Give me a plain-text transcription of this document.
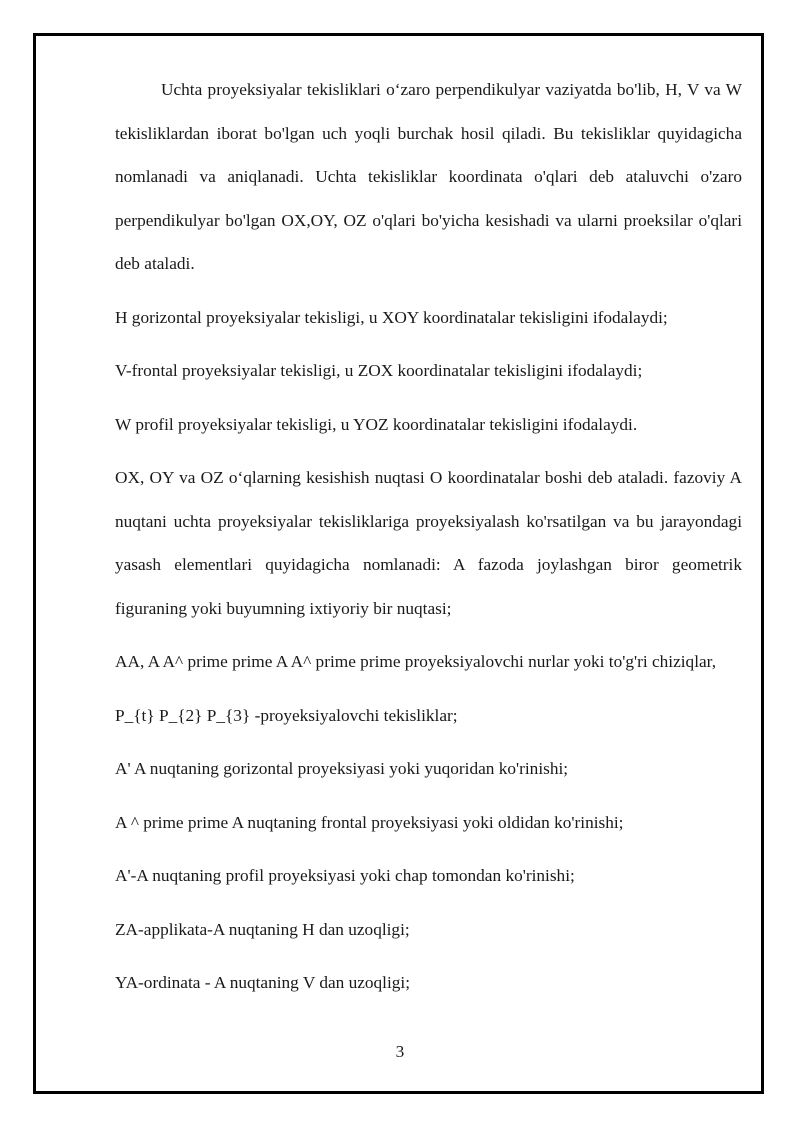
Uchta proyeksiyalar tekisliklari o‘zaro perpendikulyar vaziyatda bo'lib, H, V va W tekisliklardan iborat bo'lgan uch yoqli burchak hosil qiladi. Bu tekisliklar quyidagicha nomlanadi va aniqlanadi. Uchta tekisliklar koordinata o'qlari deb ataluvchi o'zaro perpendikulyar bo'lgan OX,OY, OZ o'qlari bo'yicha kesishadi va ularni proeksilar o'qlari deb ataladi.

H gorizontal proyeksiyalar tekisligi, u XOY koordinatalar tekisligini ifodalaydi;

V-frontal proyeksiyalar tekisligi, u ZOX koordinatalar tekisligini ifodalaydi;

W profil proyeksiyalar tekisligi, u YOZ koordinatalar tekisligini ifodalaydi.

OX, OY va OZ o‘qlarning kesishish nuqtasi O koordinatalar boshi deb ataladi. fazoviy A nuqtani uchta proyeksiyalar tekisliklariga proyeksiyalash ko'rsatilgan va bu jarayondagi yasash elementlari quyidagicha nomlanadi: A fazoda joylashgan biror geometrik figuraning yoki buyumning ixtiyoriy bir nuqtasi;

AA, A A^ prime prime A A^ prime prime proyeksiyalovchi nurlar yoki to'g'ri chiziqlar,

P_{t} P_{2} P_{3} -proyeksiyalovchi tekisliklar;

A' A nuqtaning gorizontal proyeksiyasi yoki yuqoridan ko'rinishi;

A ^ prime prime A nuqtaning frontal proyeksiyasi yoki oldidan ko'rinishi;

A'-A nuqtaning profil proyeksiyasi yoki chap tomondan ko'rinishi;

ZA-applikata-A nuqtaning H dan uzoqligi;

YA-ordinata - A nuqtaning V dan uzoqligi;

3
